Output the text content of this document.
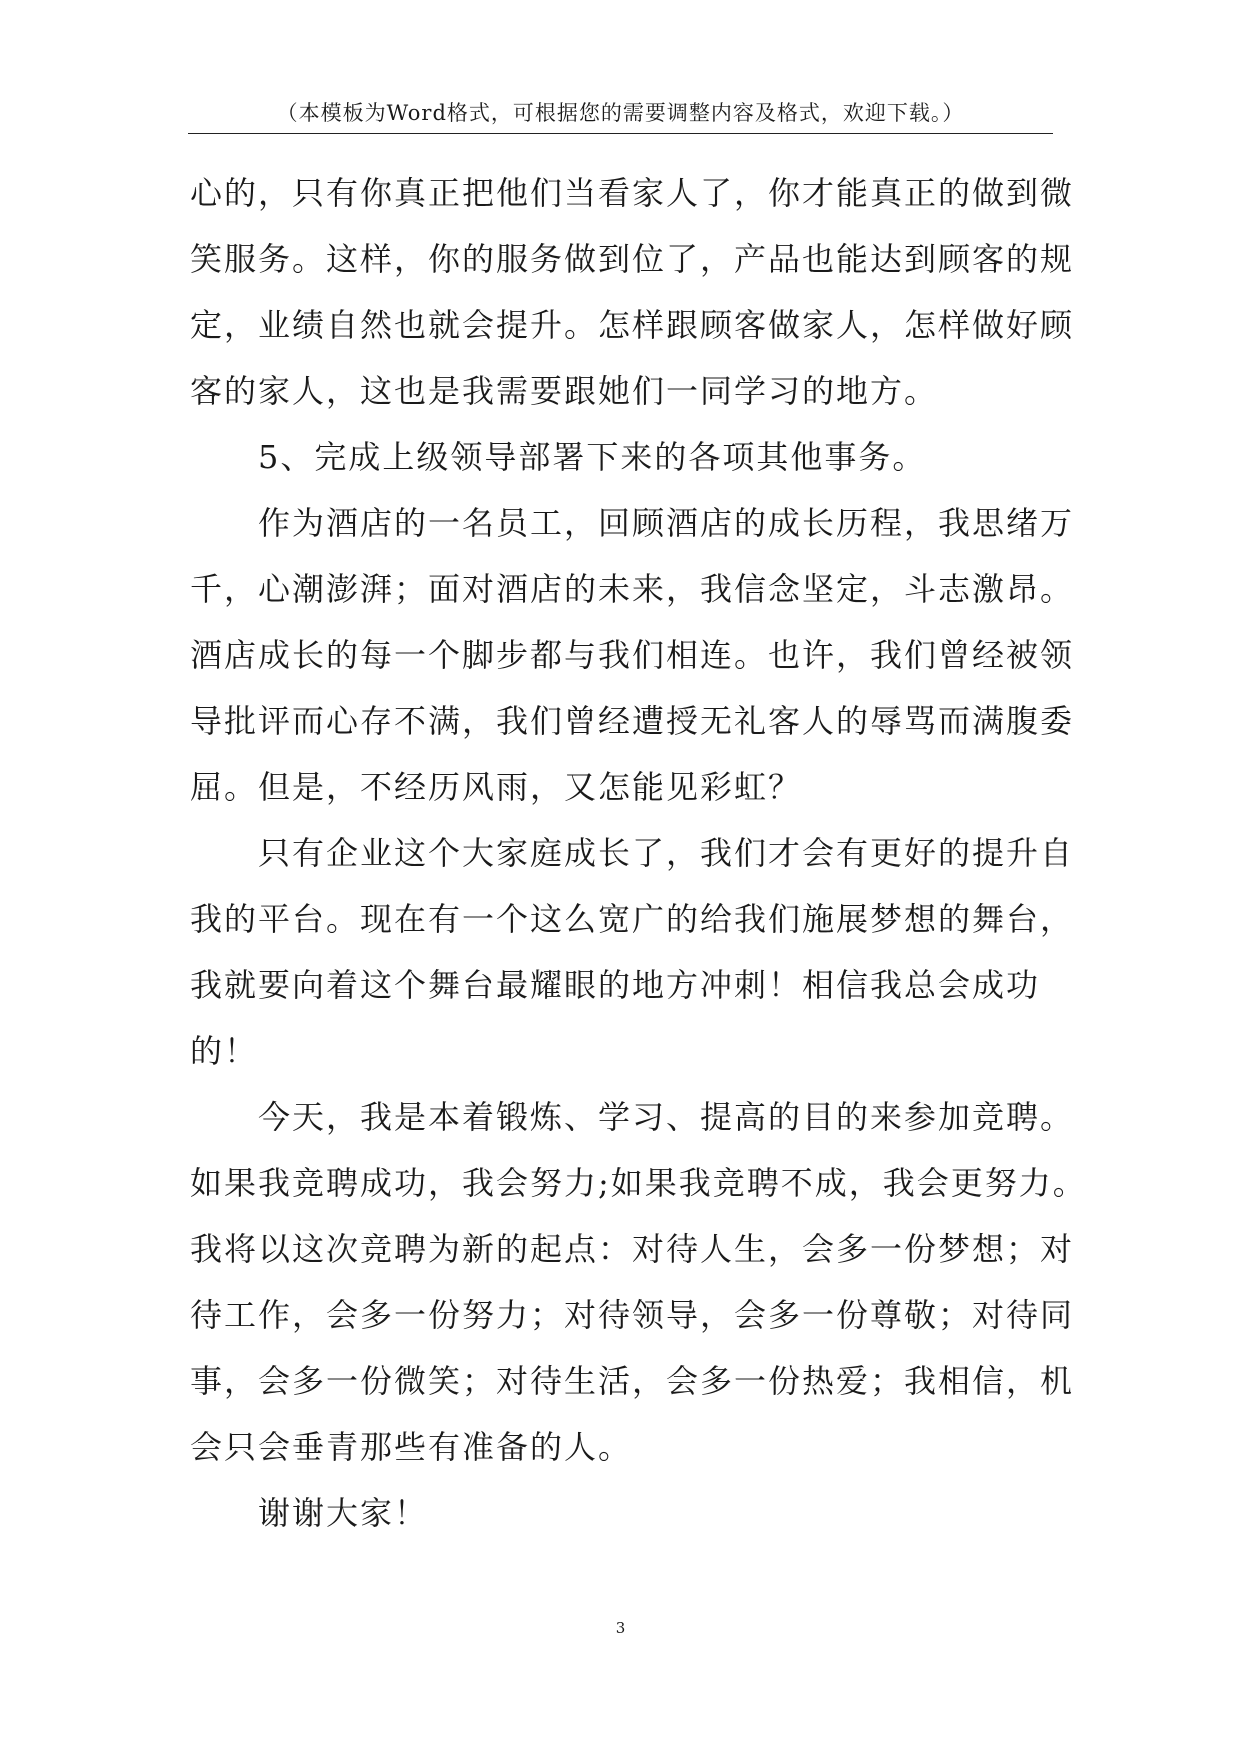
（本模板为Word格式，可根据您的需要调整内容及格式，欢迎下载。）
心的，只有你真正把他们当看家人了，你才能真正的做到微
笑服务。这样，你的服务做到位了，产品也能达到顾客的规
定，业绩自然也就会提升。怎样跟顾客做家人，怎样做好顾
客的家人，这也是我需要跟她们一同学习的地方。
5、完成上级领导部署下来的各项其他事务。
作为酒店的一名员工，回顾酒店的成长历程，我思绪万
千，心潮澎湃；面对酒店的未来，我信念坚定，斗志激昂。
酒店成长的每一个脚步都与我们相连。也许，我们曾经被领
导批评而心存不满，我们曾经遭授无礼客人的辱骂而满腹委
屈。但是，不经历风雨，又怎能见彩虹？
只有企业这个大家庭成长了，我们才会有更好的提升自
我的平台。现在有一个这么宽广的给我们施展梦想的舞台，
我就要向着这个舞台最耀眼的地方冲刺！相信我总会成功
的！
今天，我是本着锻炼、学习、提高的目的来参加竞聘。
如果我竞聘成功，我会努力;如果我竞聘不成，我会更努力。
我将以这次竞聘为新的起点：对待人生，会多一份梦想；对
待工作，会多一份努力；对待领导，会多一份尊敬；对待同
事，会多一份微笑；对待生活，会多一份热爱；我相信，机
会只会垂青那些有准备的人。
谢谢大家！
3
